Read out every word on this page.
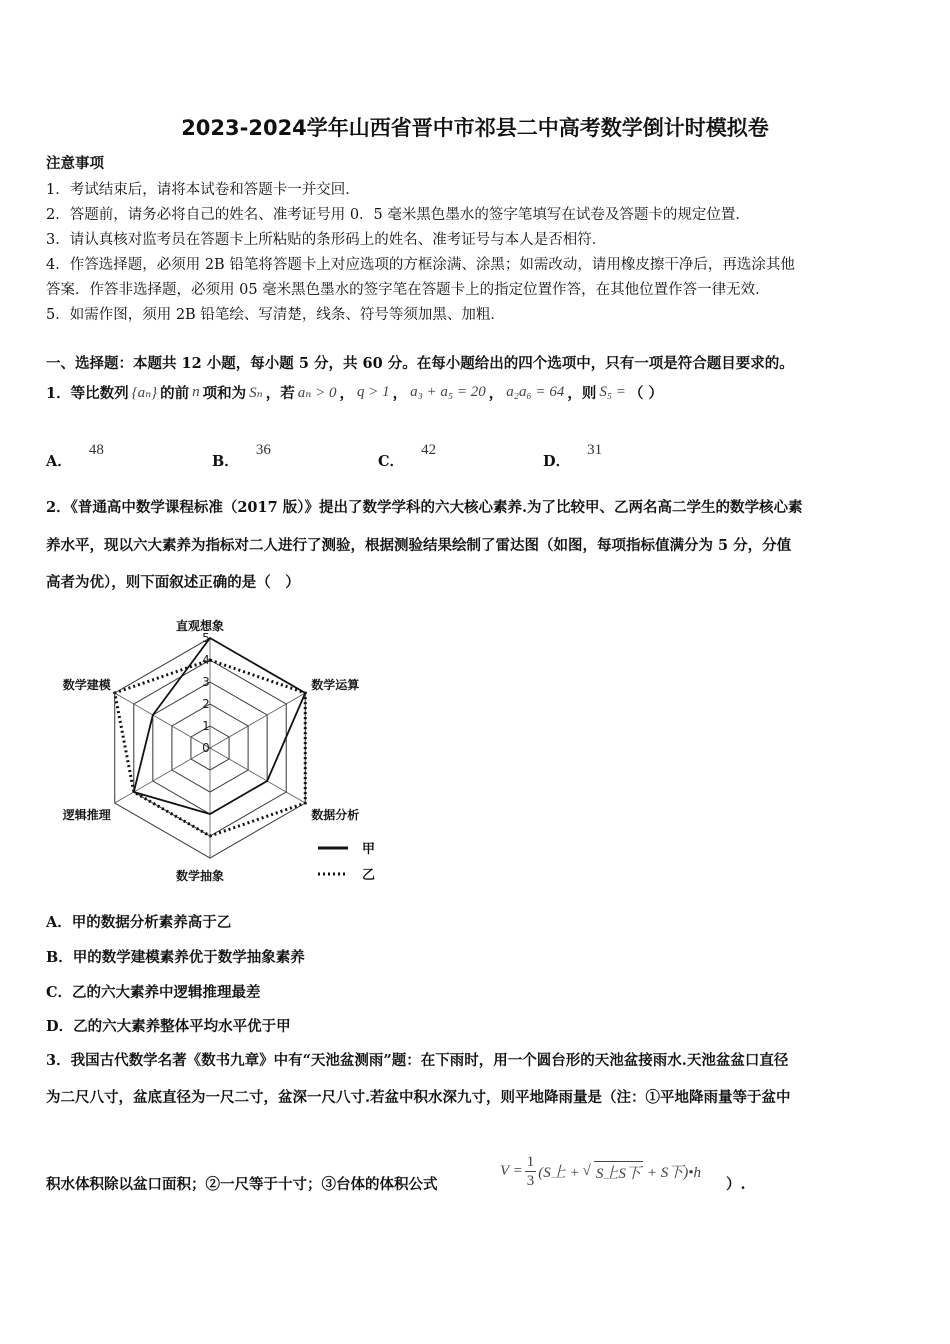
2023-2024学年山西省晋中市祁县二中高考数学倒计时模拟卷
注意事项
1．考试结束后，请将本试卷和答题卡一并交回．
2．答题前，请务必将自己的姓名、准考证号用 0．5 毫米黑色墨水的签字笔填写在试卷及答题卡的规定位置．
3．请认真核对监考员在答题卡上所粘贴的条形码上的姓名、准考证号与本人是否相符．
4．作答选择题，必须用 2B 铅笔将答题卡上对应选项的方框涂满、涂黑；如需改动，请用橡皮擦干净后，再选涂其他
答案．作答非选择题，必须用 05 毫米黑色墨水的签字笔在答题卡上的指定位置作答，在其他位置作答一律无效．
5．如需作图，须用 2B 铅笔绘、写清楚，线条、符号等须加黑、加粗．
一、选择题：本题共 12 小题，每小题 5 分，共 60 分。在每小题给出的四个选项中，只有一项是符合题目要求的。
1．等比数列 {aₙ} 的前 n 项和为 Sₙ ，若 aₙ > 0 ， q > 1 ， a₃ + a₅ = 20 ， a₂a₆ = 64 ，则 S₅ = （ ）
A． 48
B． 36
C． 42
D． 31
2．《普通高中数学课程标准（2017 版）》提出了数学学科的六大核心素养.为了比较甲、乙两名高二学生的数学核心素
养水平，现以六大素养为指标对二人进行了测验，根据测验结果绘制了雷达图（如图，每项指标值满分为 5 分，分值
高者为优），则下面叙述正确的是（　）
0
1
2
3
4
5
直观想象
数学运算
数据分析
数学抽象
逻辑推理
数学建模
甲
乙
A．甲的数据分析素养高于乙
B．甲的数学建模素养优于数学抽象素养
C．乙的六大素养中逻辑推理最差
D．乙的六大素养整体平均水平优于甲
3．我国古代数学名著《数书九章》中有“天池盆测雨”题：在下雨时，用一个圆台形的天池盆接雨水.天池盆盆口直径
为二尺八寸，盆底直径为一尺二寸，盆深一尺八寸.若盆中积水深九寸，则平地降雨量是（注：①平地降雨量等于盆中
积水体积除以盆口面积；②一尺等于十寸；③台体的体积公式
$V = \frac{1}{3} (S$上 + √ S上S下 + S下)•h
）.
